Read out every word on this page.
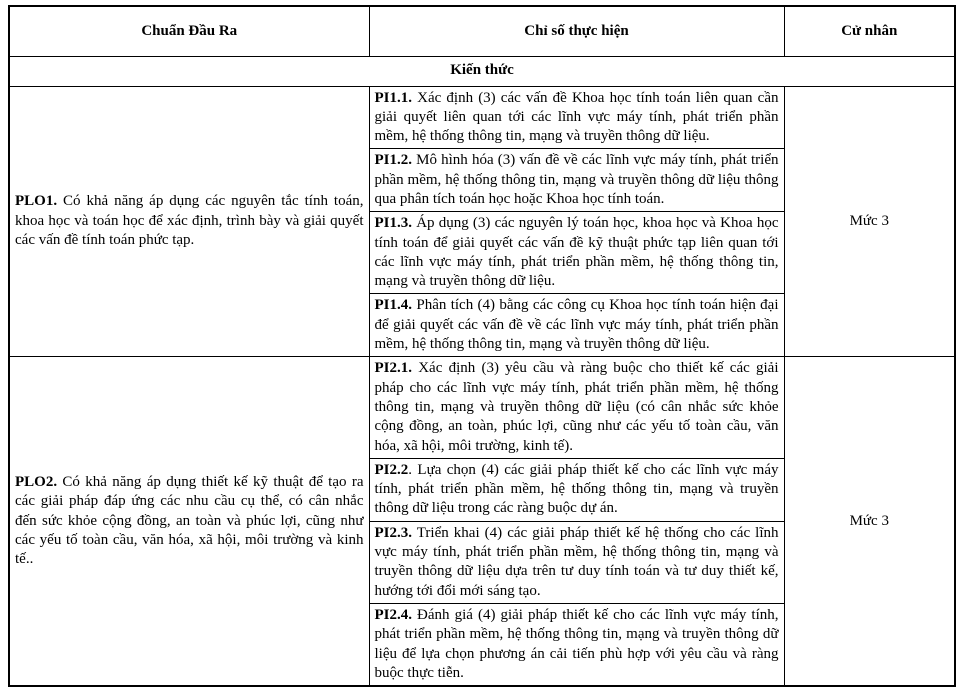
Chuẩn Đầu Ra	Chỉ số thực hiện	Cử nhân
Kiến thức		
PLO1. Có khả năng áp dụng các nguyên tắc tính toán, khoa học và toán học để xác định, trình bày và giải quyết các vấn đề tính toán phức tạp.	PI1.1. Xác định (3) các vấn đề Khoa học tính toán liên quan cần giải quyết liên quan tới các lĩnh vực máy tính, phát triển phần mềm, hệ thống thông tin, mạng và truyền thông dữ liệu.	Mức 3
	PI1.2. Mô hình hóa (3) vấn đề về các lĩnh vực máy tính, phát triển phần mềm, hệ thống thông tin, mạng và truyền thông dữ liệu thông qua phân tích toán học hoặc Khoa học tính toán.	
	PI1.3. Áp dụng (3) các nguyên lý toán học, khoa học và Khoa học tính toán để giải quyết các vấn đề kỹ thuật phức tạp liên quan tới các lĩnh vực máy tính, phát triển phần mềm, hệ thống thông tin, mạng và truyền thông dữ liệu.	
	PI1.4. Phân tích (4) bằng các công cụ Khoa học tính toán hiện đại để giải quyết các vấn đề về các lĩnh vực máy tính, phát triển phần mềm, hệ thống thông tin, mạng và truyền thông dữ liệu.	
PLO2. Có khả năng áp dụng thiết kế kỹ thuật để tạo ra các giải pháp đáp ứng các nhu cầu cụ thể, có cân nhắc đến sức khỏe cộng đồng, an toàn và phúc lợi, cũng như các yếu tố toàn cầu, văn hóa, xã hội, môi trường và kinh tế..	PI2.1. Xác định (3) yêu cầu và ràng buộc cho thiết kế các giải pháp cho các lĩnh vực máy tính, phát triển phần mềm, hệ thống thông tin, mạng và truyền thông dữ liệu (có cân nhắc sức khỏe cộng đồng, an toàn, phúc lợi, cũng như các yếu tố toàn cầu, văn hóa, xã hội, môi trường, kinh tế).	Mức 3
	PI2.2. Lựa chọn (4) các giải pháp thiết kế cho các lĩnh vực máy tính, phát triển phần mềm, hệ thống thông tin, mạng và truyền thông dữ liệu trong các ràng buộc dự án.	
	PI2.3. Triển khai (4) các giải pháp thiết kế hệ thống cho các lĩnh vực máy tính, phát triển phần mềm, hệ thống thông tin, mạng và truyền thông dữ liệu dựa trên tư duy tính toán và tư duy thiết kế, hướng tới đổi mới sáng tạo.	
	PI2.4. Đánh giá (4) giải pháp thiết kế cho các lĩnh vực máy tính, phát triển phần mềm, hệ thống thông tin, mạng và truyền thông dữ liệu để lựa chọn phương án cải tiến phù hợp với yêu cầu và ràng buộc thực tiễn.	
